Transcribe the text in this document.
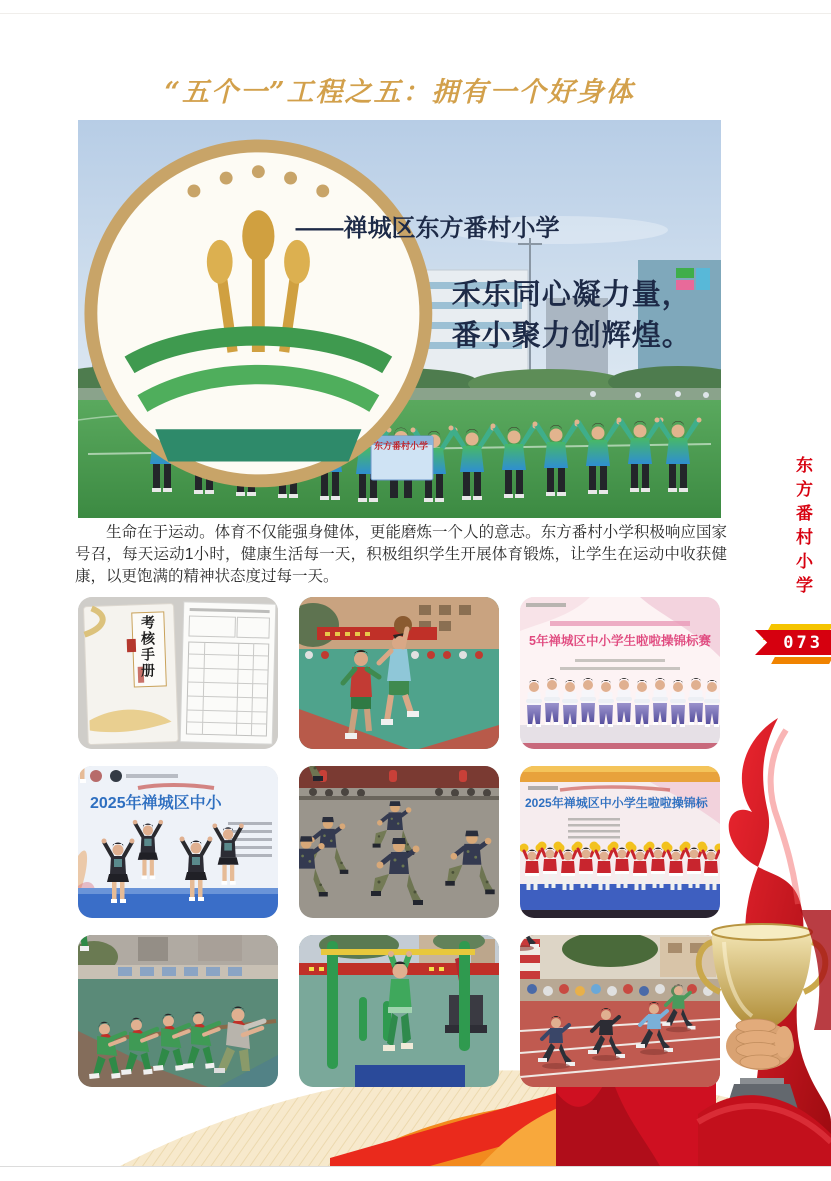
“五个一”工程之五：拥有一个好身体
禾乐同心凝力量，番小聚力创辉煌。
——禅城区东方番村小学
东方番村小学

生命在于运动。体育不仅能强身健体，更能磨炼一个人的意志。东方番村小学积极响应国家号召，每天运动1小时，健康生活每一天，积极组织学生开展体育锻炼，让学生在运动中收获健康，以更饱满的精神状态度过每一天。	东方番村小学
073
考核手册	5年禅城区中小学生啦啦操锦标赛
2025年禅城区中小	2025年禅城区中小学生啦啦操锦标
